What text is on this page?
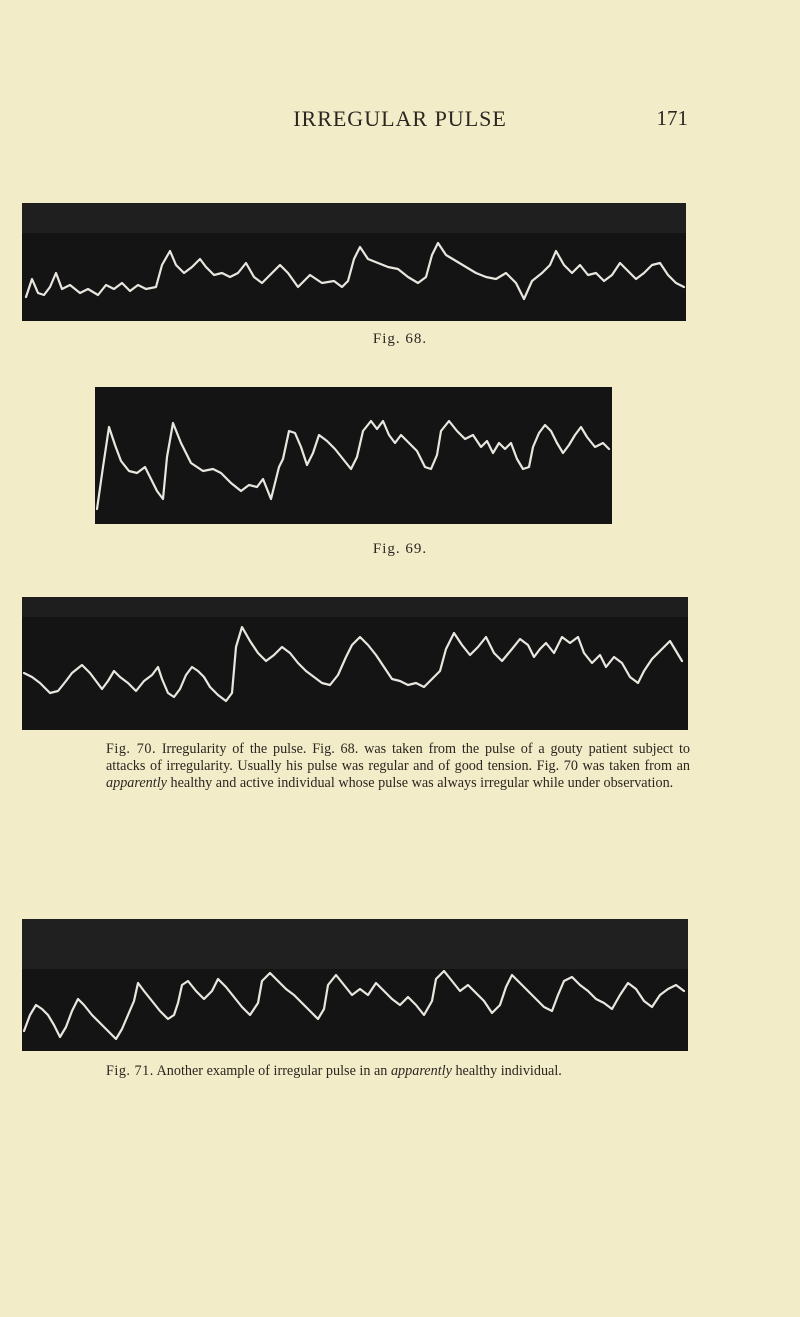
IRREGULAR PULSE	171
Fig. 68.
Fig. 69.
Fig. 70. Irregularity of the pulse. Fig. 68. was taken from the pulse of a gouty patient subject to attacks of irregularity. Usually his pulse was regular and of good tension. Fig. 70 was taken from an apparently healthy and active individual whose pulse was always irregular while under observation.
Fig. 71. Another example of irregular pulse in an apparently healthy individual.
